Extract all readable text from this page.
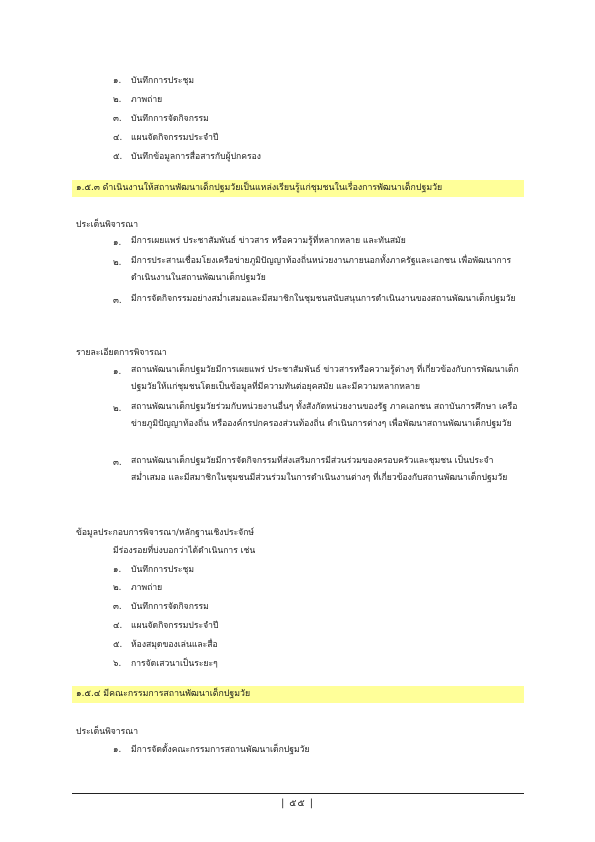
๑. บันทึกการประชุม
๒. ภาพถ่าย
๓. บันทึกการจัดกิจกรรม
๔. แผนจัดกิจกรรมประจำปี
๕. บันทึกข้อมูลการสื่อสารกับผู้ปกครอง
๑.๕.๓ ดำเนินงานให้สถานพัฒนาเด็กปฐมวัยเป็นแหล่งเรียนรู้แก่ชุมชนในเรื่องการพัฒนาเด็กปฐมวัย
ประเด็นพิจารณา
๑. มีการเผยแพร่ ประชาสัมพันธ์ ข่าวสาร หรือความรู้ที่หลากหลาย และทันสมัย
๒. มีการประสานเชื่อมโยงเครือข่ายภูมิปัญญาท้องถิ่นหน่วยงานภายนอกทั้งภาครัฐและเอกชน เพื่อพัฒนาการดำเนินงานในสถานพัฒนาเด็กปฐมวัย
๓. มีการจัดกิจกรรมอย่างสม่ำเสมอและมีสมาชิกในชุมชนสนับสนุนการดำเนินงานของสถานพัฒนาเด็กปฐมวัย
รายละเอียดการพิจารณา
๑. สถานพัฒนาเด็กปฐมวัยมีการเผยแพร่ ประชาสัมพันธ์ ข่าวสารหรือความรู้ต่างๆ ที่เกี่ยวข้องกับการพัฒนาเด็กปฐมวัยให้แก่ชุมชนโดยเป็นข้อมูลที่มีความทันต่อยุคสมัย และมีความหลากหลาย
๒. สถานพัฒนาเด็กปฐมวัยร่วมกับหน่วยงานอื่นๆ ทั้งสังกัดหน่วยงานของรัฐ ภาคเอกชน สถาบันการศึกษา เครือข่ายภูมิปัญญาท้องถิ่น หรือองค์กรปกครองส่วนท้องถิ่น ดำเนินการต่างๆ เพื่อพัฒนาสถานพัฒนาเด็กปฐมวัย
๓. สถานพัฒนาเด็กปฐมวัยมีการจัดกิจกรรมที่ส่งเสริมการมีส่วนร่วมของครอบครัวและชุมชน เป็นประจำ สม่ำเสมอ และมีสมาชิกในชุมชนมีส่วนร่วมในการดำเนินงานต่างๆ ที่เกี่ยวข้องกับสถานพัฒนาเด็กปฐมวัย
ข้อมูลประกอบการพิจารณา/หลักฐานเชิงประจักษ์
มีร่องรอยที่บ่งบอกว่าได้ดำเนินการ เช่น
๑. บันทึกการประชุม
๒. ภาพถ่าย
๓. บันทึกการจัดกิจกรรม
๔. แผนจัดกิจกรรมประจำปี
๕. ห้องสมุดของเล่นและสื่อ
๖. การจัดเสวนาเป็นระยะๆ
๑.๕.๔ มีคณะกรรมการสถานพัฒนาเด็กปฐมวัย
ประเด็นพิจารณา
๑. มีการจัดตั้งคณะกรรมการสถานพัฒนาเด็กปฐมวัย
| ๕๕ |
